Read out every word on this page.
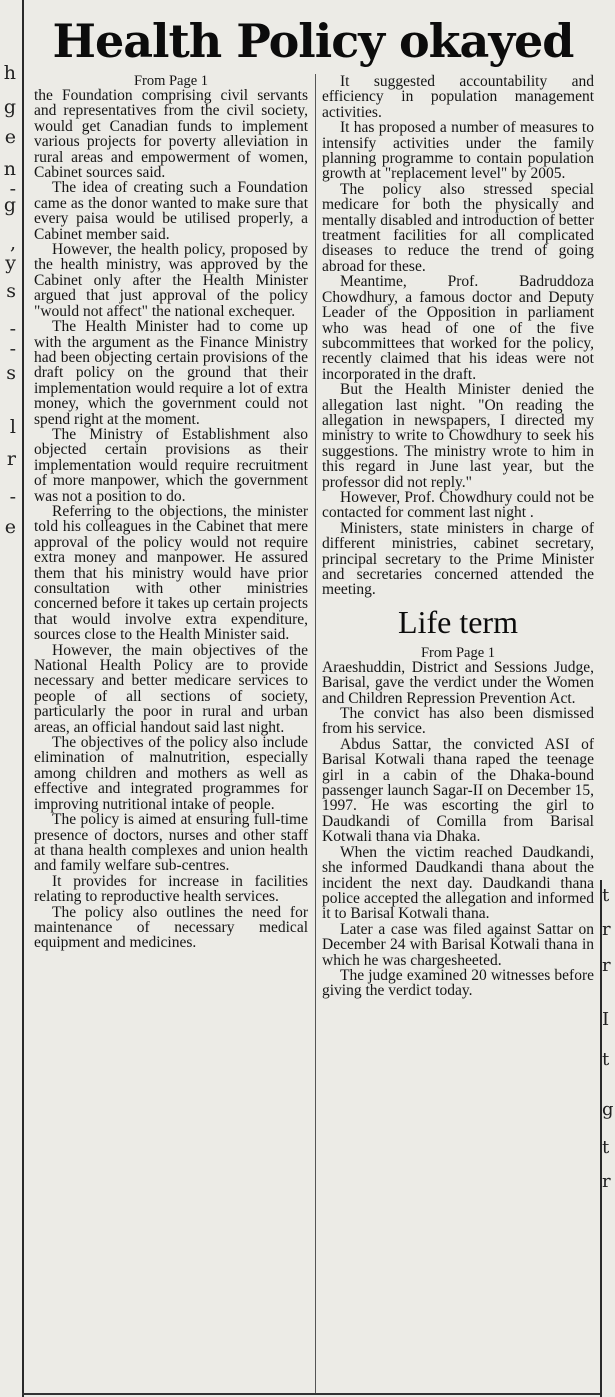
h
g
e
n
-
g
,
y
s
-
-
s
l
r
-
e
t
r
r
I
t
g
t
r
Health Policy okayed

From Page 1

the Foundation comprising civil servants and representatives from the civil society, would get Canadian funds to implement various projects for poverty alleviation in rural areas and empowerment of women, Cabinet sources said.

The idea of creating such a Foundation came as the donor wanted to make sure that every paisa would be utilised properly, a Cabinet member said.

However, the health policy, proposed by the health ministry, was approved by the Cabinet only after the Health Minister argued that just approval of the policy "would not affect" the national exchequer.

The Health Minister had to come up with the argument as the Finance Ministry had been objecting certain provisions of the draft policy on the ground that their implementation would require a lot of extra money, which the government could not spend right at the moment.

The Ministry of Establishment also objected certain provisions as their implementation would require recruitment of more manpower, which the government was not a position to do.

Referring to the objections, the minister told his colleagues in the Cabinet that mere approval of the policy would not require extra money and manpower. He assured them that his ministry would have prior consultation with other ministries concerned before it takes up certain projects that would involve extra expenditure, sources close to the Health Minister said.

However, the main objectives of the National Health Policy are to provide necessary and better medicare services to people of all sections of society, particularly the poor in rural and urban areas, an official handout said last night.

The objectives of the policy also include elimination of malnutrition, especially among children and mothers as well as effective and integrated programmes for improving nutritional intake of people.

The policy is aimed at ensuring full-time presence of doctors, nurses and other staff at thana health complexes and union health and family welfare sub-centres.

It provides for increase in facilities relating to reproductive health services.

The policy also outlines the need for maintenance of necessary medical equipment and medicines.

It suggested accountability and efficiency in population management activities.

It has proposed a number of measures to intensify activities under the family planning programme to contain population growth at "replacement level" by 2005.

The policy also stressed special medicare for both the physically and mentally disabled and introduction of better treatment facilities for all complicated diseases to reduce the trend of going abroad for these.

Meantime, Prof. Badruddoza Chowdhury, a famous doctor and Deputy Leader of the Opposition in parliament who was head of one of the five subcommittees that worked for the policy, recently claimed that his ideas were not incorporated in the draft.

But the Health Minister denied the allegation last night. "On reading the allegation in newspapers, I directed my ministry to write to Chowdhury to seek his suggestions. The ministry wrote to him in this regard in June last year, but the professor did not reply."

However, Prof. Chowdhury could not be contacted for comment last night .

Ministers, state ministers in charge of different ministries, cabinet secretary, principal secretary to the Prime Minister and secretaries concerned attended the meeting.

Life term

From Page 1

Araeshuddin, District and Sessions Judge, Barisal, gave the verdict under the Women and Children Repression Prevention Act.

The convict has also been dismissed from his service.

Abdus Sattar, the convicted ASI of Barisal Kotwali thana raped the teenage girl in a cabin of the Dhaka-bound passenger launch Sagar-II on December 15, 1997. He was escorting the girl to Daudkandi of Comilla from Barisal Kotwali thana via Dhaka.

When the victim reached Daudkandi, she informed Daudkandi thana about the incident the next day. Daudkandi thana police accepted the allegation and informed it to Barisal Kotwali thana.

Later a case was filed against Sattar on December 24 with Barisal Kotwali thana in which he was chargesheeted.

The judge examined 20 witnesses before giving the verdict today.
